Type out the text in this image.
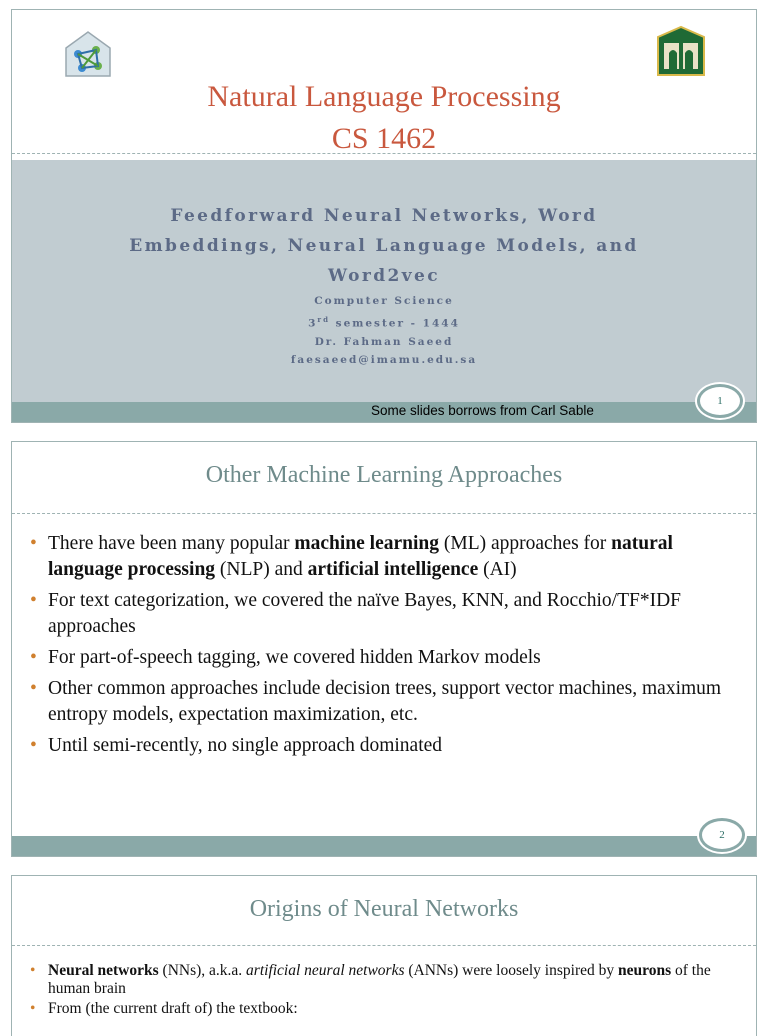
Natural Language Processing
CS 1462
Feedforward Neural Networks, Word Embeddings, Neural Language Models, and Word2vec
Computer Science
3rd semester - 1444
Dr. Fahman Saeed
faesaeed@imamu.edu.sa
Some slides borrows from Carl Sable
1
Other Machine Learning Approaches
• There have been many popular machine learning (ML) approaches for natural language processing (NLP) and artificial intelligence (AI)
• For text categorization, we covered the naïve Bayes, KNN, and Rocchio/TF*IDF approaches
• For part-of-speech tagging, we covered hidden Markov models
• Other common approaches include decision trees, support vector machines, maximum entropy models, expectation maximization, etc.
• Until semi-recently, no single approach dominated
2
Origins of Neural Networks
• Neural networks (NNs), a.k.a. artificial neural networks (ANNs) were loosely inspired by neurons of the human brain
• From (the current draft of) the textbook:
